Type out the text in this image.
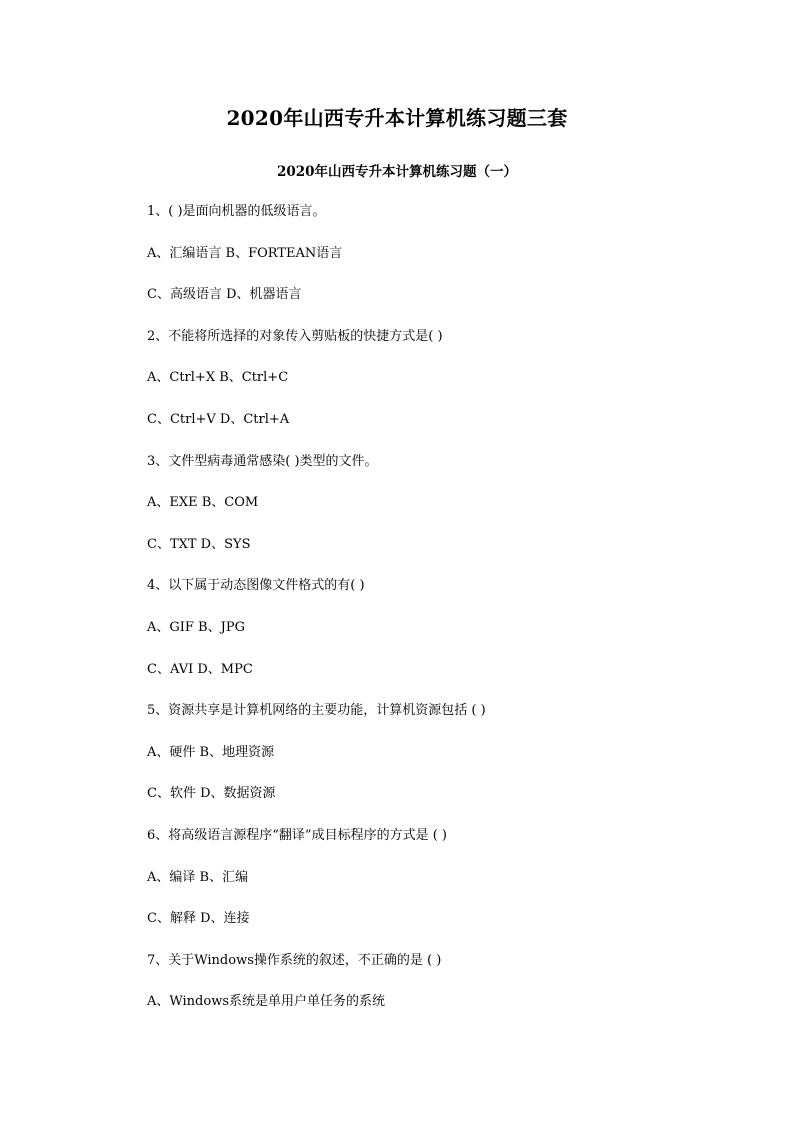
2020年山西专升本计算机练习题三套
2020年山西专升本计算机练习题（一）
1、( )是面向机器的低级语言。
A、汇编语言 B、FORTEAN语言
C、高级语言 D、机器语言
2、不能将所选择的对象传入剪贴板的快捷方式是( )
A、Ctrl+X B、Ctrl+C
C、Ctrl+V D、Ctrl+A
3、文件型病毒通常感染( )类型的文件。
A、EXE B、COM
C、TXT D、SYS
4、以下属于动态图像文件格式的有( )
A、GIF B、JPG
C、AVI D、MPC
5、资源共享是计算机网络的主要功能，计算机资源包括 ( )
A、硬件 B、地理资源
C、软件 D、数据资源
6、将高级语言源程序“翻译”成目标程序的方式是 ( )
A、编译 B、汇编
C、解释 D、连接
7、关于Windows操作系统的叙述，不正确的是 ( )
A、Windows系统是单用户单任务的系统
